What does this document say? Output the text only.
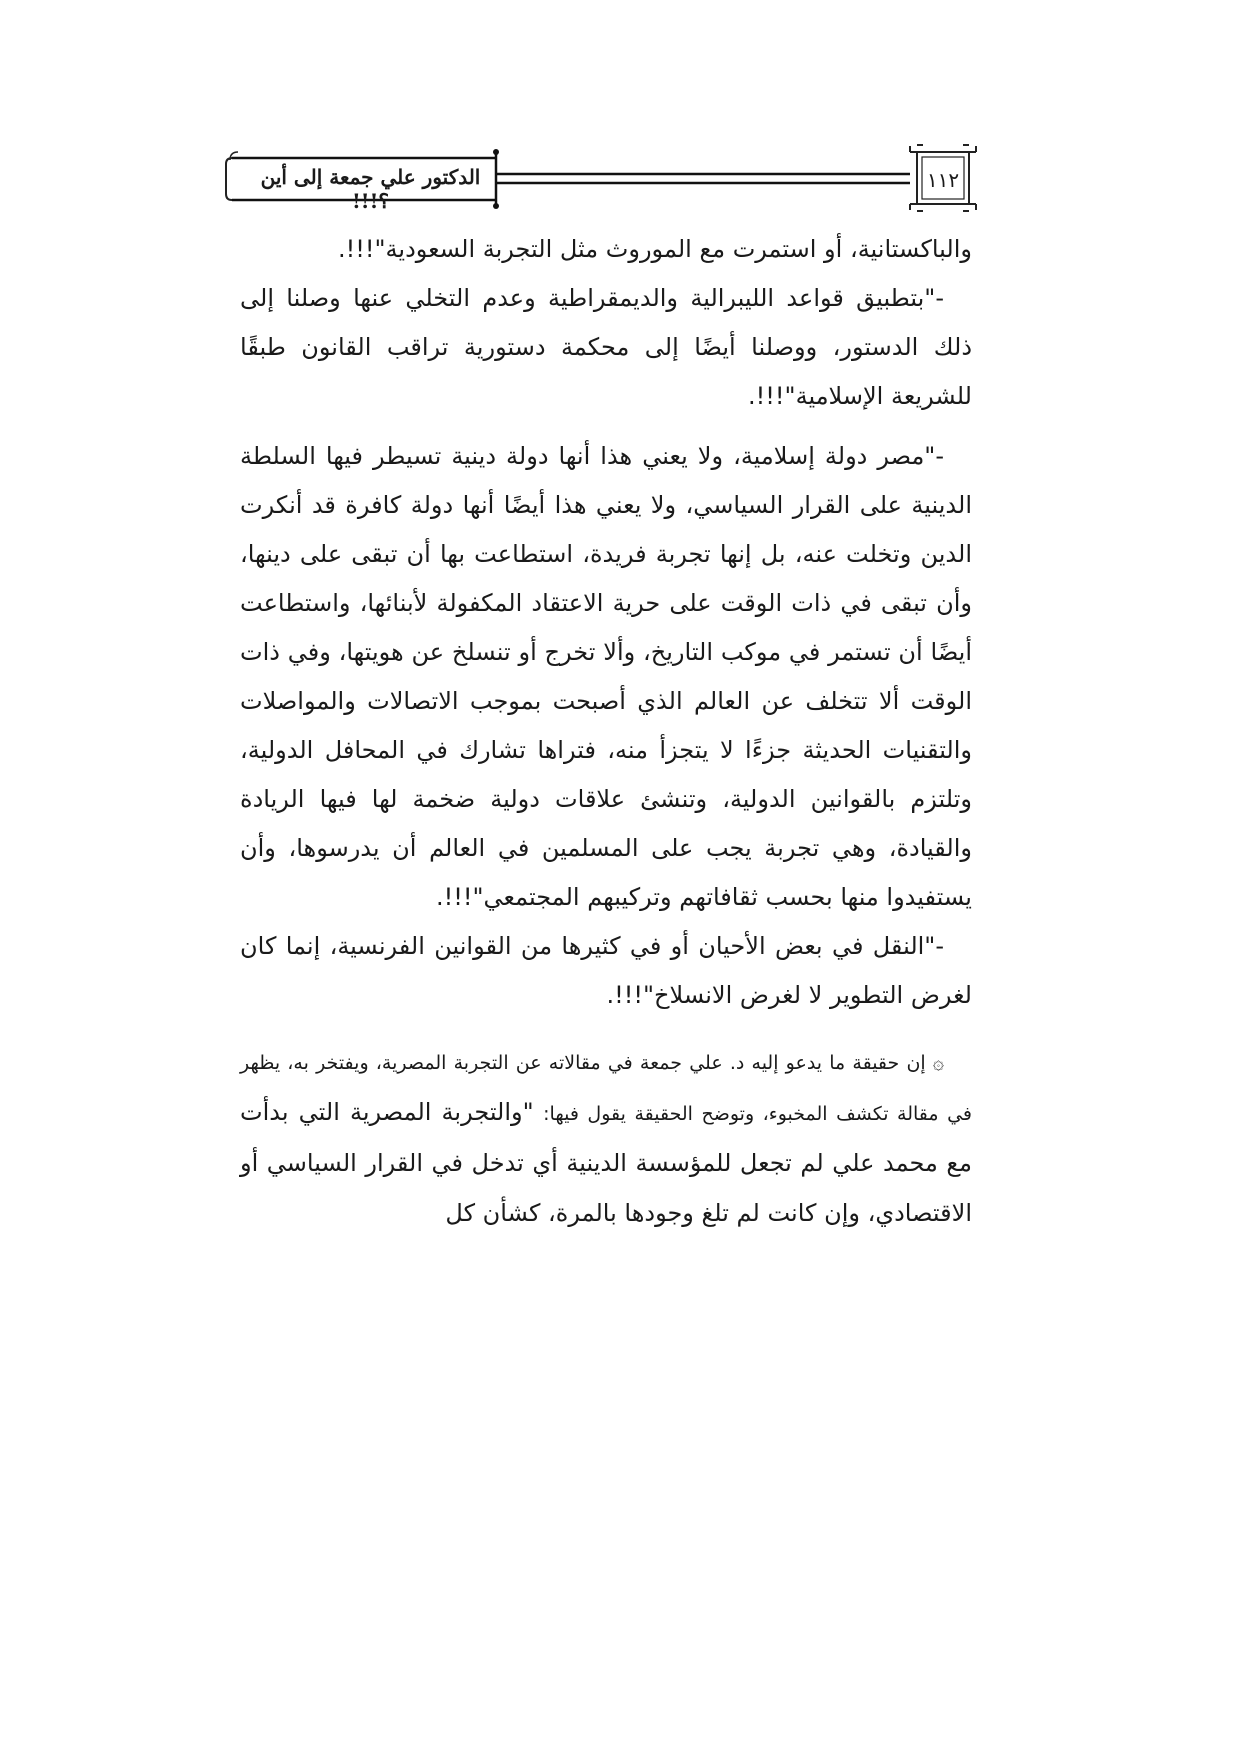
١١٢
الدكتور علي جمعة إلى أين ؟!!!

والباكستانية، أو استمرت مع الموروث مثل التجربة السعودية"!!!.

-"بتطبيق قواعد الليبرالية والديمقراطية وعدم التخلي عنها وصلنا إلى ذلك الدستور، ووصلنا أيضًا إلى محكمة دستورية تراقب القانون طبقًا للشريعة الإسلامية"!!!.

-"مصر دولة إسلامية، ولا يعني هذا أنها دولة دينية تسيطر فيها السلطة الدينية على القرار السياسي، ولا يعني هذا أيضًا أنها دولة كافرة قد أنكرت الدين وتخلت عنه، بل إنها تجربة فريدة، استطاعت بها أن تبقى على دينها، وأن تبقى في ذات الوقت على حرية الاعتقاد المكفولة لأبنائها، واستطاعت أيضًا أن تستمر في موكب التاريخ، وألا تخرج أو تنسلخ عن هويتها، وفي ذات الوقت ألا تتخلف عن العالم الذي أصبحت بموجب الاتصالات والمواصلات والتقنيات الحديثة جزءًا لا يتجزأ منه، فتراها تشارك في المحافل الدولية، وتلتزم بالقوانين الدولية، وتنشئ علاقات دولية ضخمة لها فيها الريادة والقيادة، وهي تجربة يجب على المسلمين في العالم أن يدرسوها، وأن يستفيدوا منها بحسب ثقافاتهم وتركيبهم المجتمعي"!!!.

-"النقل في بعض الأحيان أو في كثيرها من القوانين الفرنسية، إنما كان لغرض التطوير لا لغرض الانسلاخ"!!!.

۞ إن حقيقة ما يدعو إليه د. علي جمعة في مقالاته عن التجربة المصرية، ويفتخر به، يظهر في مقالة تكشف المخبوء، وتوضح الحقيقة يقول فيها: "والتجربة المصرية التي بدأت مع محمد علي لم تجعل للمؤسسة الدينية أي تدخل في القرار السياسي أو الاقتصادي، وإن كانت لم تلغ وجودها بالمرة، كشأن كل
